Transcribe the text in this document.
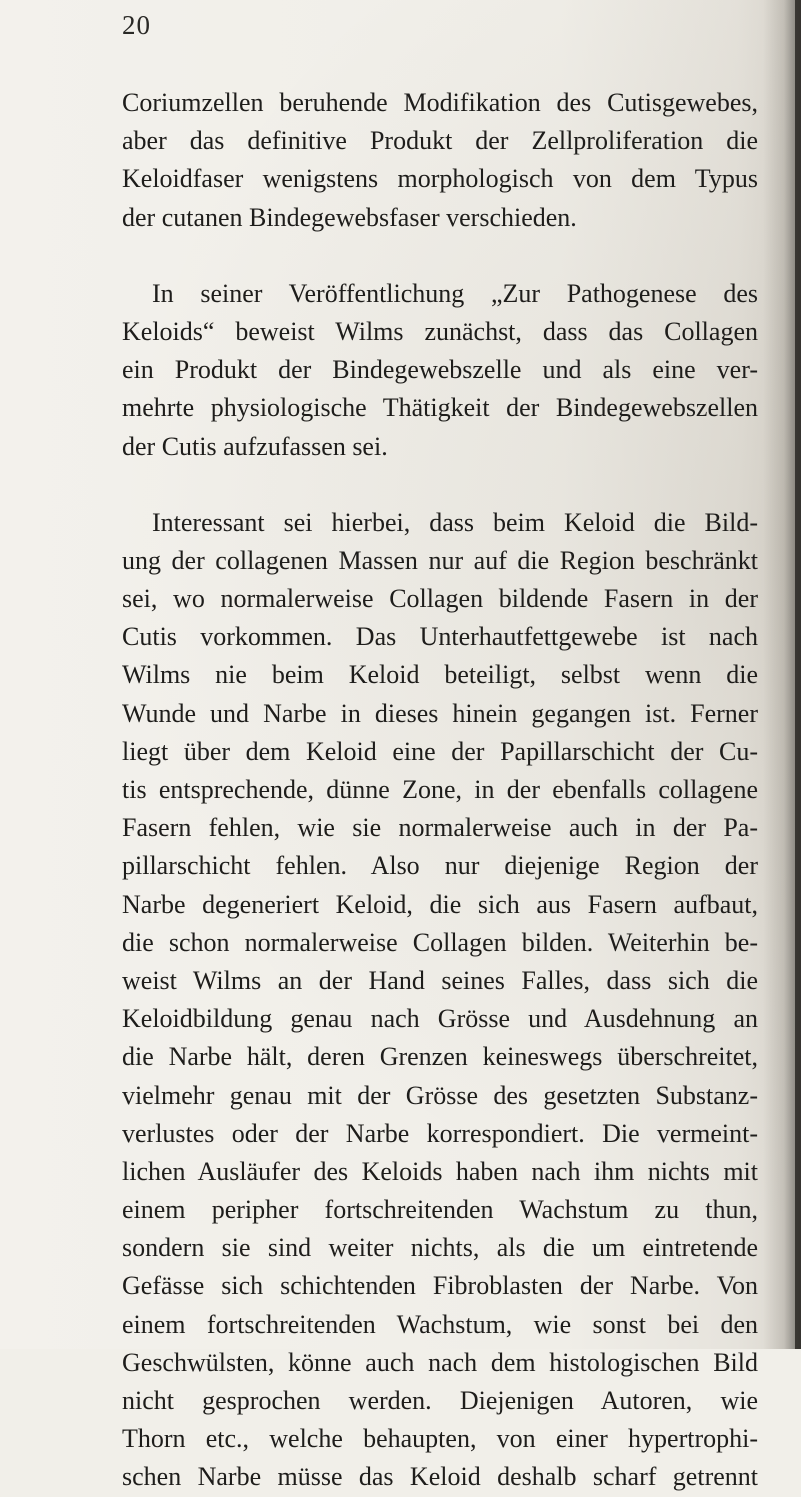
20

Coriumzellen beruhende Modifikation des Cutisgewebes,
aber das definitive Produkt der Zellproliferation die
Keloidfaser wenigstens morphologisch von dem Typus
der cutanen Bindegewebsfaser verschieden.

In seiner Veröffentlichung „Zur Pathogenese des
Keloids“ beweist Wilms zunächst, dass das Collagen
ein Produkt der Bindegewebszelle und als eine ver-
mehrte physiologische Thätigkeit der Bindegewebszellen
der Cutis aufzufassen sei.

Interessant sei hierbei, dass beim Keloid die Bild-
ung der collagenen Massen nur auf die Region beschränkt
sei, wo normalerweise Collagen bildende Fasern in der
Cutis vorkommen. Das Unterhautfettgewebe ist nach
Wilms nie beim Keloid beteiligt, selbst wenn die
Wunde und Narbe in dieses hinein gegangen ist. Ferner
liegt über dem Keloid eine der Papillarschicht der Cu-
tis entsprechende, dünne Zone, in der ebenfalls collagene
Fasern fehlen, wie sie normalerweise auch in der Pa-
pillarschicht fehlen. Also nur diejenige Region der
Narbe degeneriert Keloid, die sich aus Fasern aufbaut,
die schon normalerweise Collagen bilden. Weiterhin be-
weist Wilms an der Hand seines Falles, dass sich die
Keloidbildung genau nach Grösse und Ausdehnung an
die Narbe hält, deren Grenzen keineswegs überschreitet,
vielmehr genau mit der Grösse des gesetzten Substanz-
verlustes oder der Narbe korrespondiert. Die vermeint-
lichen Ausläufer des Keloids haben nach ihm nichts mit
einem peripher fortschreitenden Wachstum zu thun,
sondern sie sind weiter nichts, als die um eintretende
Gefässe sich schichtenden Fibroblasten der Narbe. Von
einem fortschreitenden Wachstum, wie sonst bei den
Geschwülsten, könne auch nach dem histologischen Bild
nicht gesprochen werden. Diejenigen Autoren, wie
Thorn etc., welche behaupten, von einer hypertrophi-
schen Narbe müsse das Keloid deshalb scharf getrennt
